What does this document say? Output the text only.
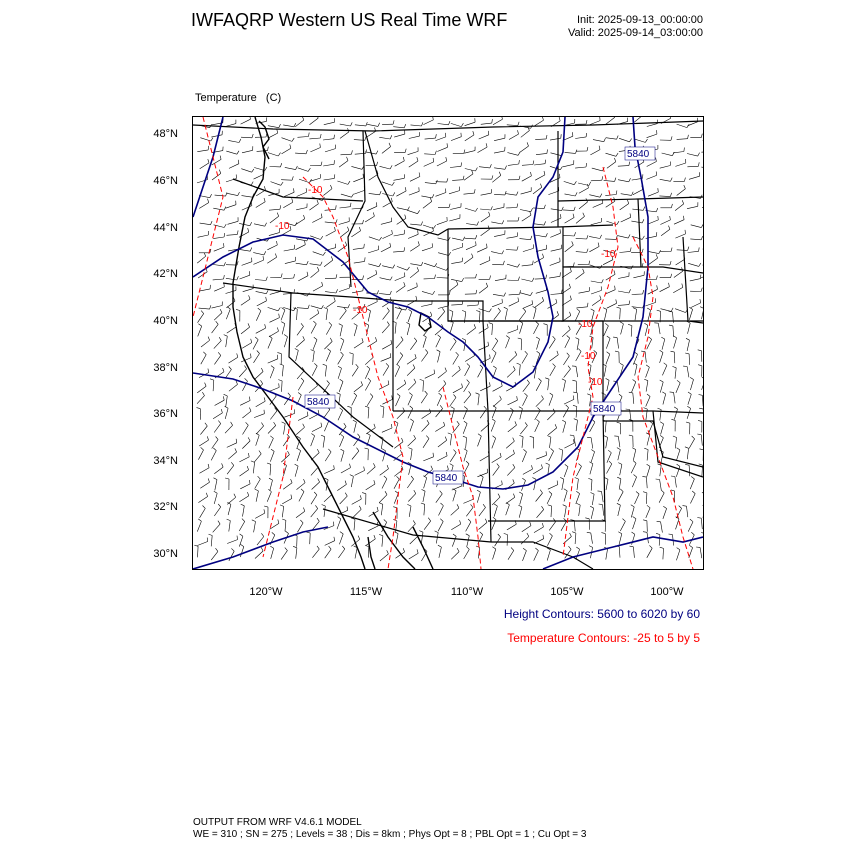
IWFAQRP Western US Real Time WRF	Init: 2025-09-13_00:00:00
Valid: 2025-09-14_03:00:00

Temperature   (C)

48°N
46°N
44°N
42°N
40°N
38°N
36°N
34°N
32°N
30°N
120°W	115°W	110°W	105°W	100°W
5840
5840
5840
5840
-10
-10
-10
-10
-10
-10
-10
Height Contours: 5600 to 6020 by 60
Temperature Contours: -25 to 5 by 5
OUTPUT FROM WRF V4.6.1 MODEL
WE = 310 ; SN = 275 ; Levels = 38 ; Dis = 8km ; Phys Opt = 8 ; PBL Opt = 1 ; Cu Opt = 3
